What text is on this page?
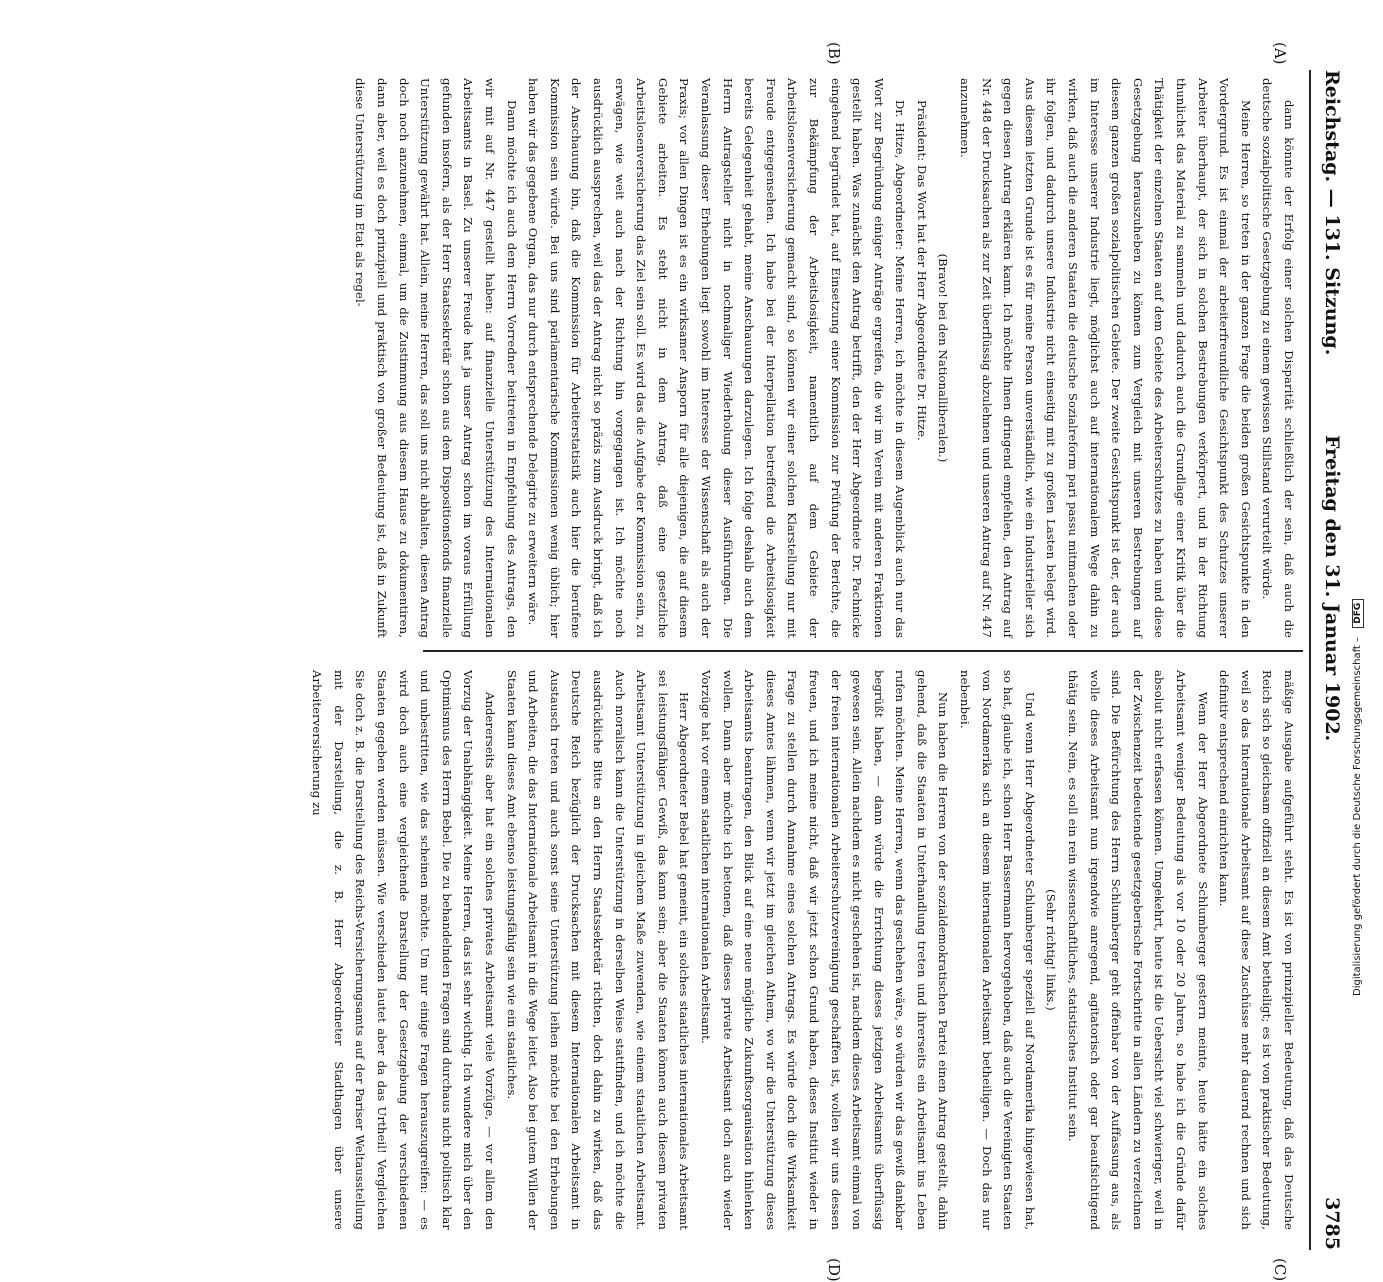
Reichstag. — 131. Sitzung.
Freitag den 31. Januar 1902.
3785
(A)
(B)
(C)
(D)

dann könnte der Erfolg einer solchen Disparität schließlich der sein, daß auch die deutsche sozialpolitische Gesetzgebung zu einem gewissen Stillstand verurteilt würde.

Meine Herren, so treten in der ganzen Frage die beiden großen Gesichtspunkte in den Vordergrund. Es ist einmal der arbeiterfreundliche Gesichtspunkt des Schutzes unserer Arbeiter überhaupt, der sich in solchen Bestrebungen verkörpert, und in der Richtung thunlichst das Material zu sammeln und dadurch auch die Grundlage einer Kritik über die Thätigkeit der einzelnen Staaten auf dem Gebiete des Arbeiterschutzes zu haben und diese Gesetzgebung herauszuheben zu können zum Vergleich mit unseren Bestrebungen auf diesem ganzen großen sozialpolitischen Gebiete. Der zweite Gesichtspunkt ist der, der auch im Interesse unserer Industrie liegt, möglichst auch auf internationalem Wege dahin zu wirken, daß auch die anderen Staaten die deutsche Sozialreform pari passu mitmachen oder ihr folgen, und dadurch unsere Industrie nicht einseitig mit zu großen Lasten belegt wird. Aus diesem letzten Grunde ist es für meine Person unverständlich, wie ein Industrieller sich gegen diesen Antrag erklären kann. Ich möchte Ihnen dringend empfehlen, den Antrag auf Nr. 448 der Drucksachen als zur Zeit überflüssig abzulehnen und unseren Antrag auf Nr. 447 anzunehmen.

(Bravo! bei den Nationalliberalen.)

Präsident: Das Wort hat der Herr Abgeordnete Dr. Hitze.

Dr. Hitze, Abgeordneter: Meine Herren, ich möchte in diesem Augenblick auch nur das Wort zur Begründung einiger Anträge ergreifen, die wir im Verein mit anderen Fraktionen gestellt haben. Was zunächst den Antrag betrifft, den der Herr Abgeordnete Dr. Pachnicke eingehend begründet hat, auf Einsetzung einer Kommission zur Prüfung der Berichte, die zur Bekämpfung der Arbeitslosigkeit, namentlich auf dem Gebiete der Arbeitslosenversicherung gemacht sind, so können wir einer solchen Klarstellung nur mit Freude entgegensehen. Ich habe bei der Interpellation betreffend die Arbeitslosigkeit bereits Gelegenheit gehabt, meine Anschauungen darzulegen. Ich folge deshalb auch dem Herrn Antragsteller nicht in nochmaliger Wiederholung dieser Ausführungen. Die Veranlassung dieser Erhebungen liegt sowohl im Interesse der Wissenschaft als auch der Praxis; vor allen Dingen ist es ein wirksamer Ansporn für alle diejenigen, die auf diesem Gebiete arbeiten. Es steht nicht in dem Antrag, daß eine gesetzliche Arbeitslosenversicherung das Ziel sein soll. Es wird das die Aufgabe der Kommission sein, zu erwägen, wie weit auch nach der Richtung hin vorgegangen ist. Ich möchte noch ausdrücklich aussprechen, weil das der Antrag nicht so präzis zum Ausdruck bringt, daß ich der Anschauung bin, daß die Kommission für Arbeiterstatistik auch hier die berufene Kommission sein würde. Bei uns sind parlamentarische Kommissionen wenig üblich; hier haben wir das gegebene Organ, das nur durch entsprechende Delegirte zu erweitern wäre.

Dann möchte ich auch dem Herrn Vorredner beitreten in Empfehlung des Antrags, den wir mit auf Nr. 447 gestellt haben: auf finanzielle Unterstützung des Internationalen Arbeitsamts in Basel. Zu unserer Freude hat ja unser Antrag schon im voraus Erfüllung gefunden insofern, als der Herr Staatssekretär schon aus dem Dispositionsfonds finanzielle Unterstützung gewährt hat. Allein, meine Herren, das soll uns nicht abhalten, diesen Antrag doch noch anzunehmen, einmal, um die Zustimmung aus diesem Hause zu dokumentiren, dann aber, weil es doch prinzipiell und praktisch von großer Bedeutung ist, daß in Zukunft diese Unterstützung im Etat als regel-

mäßige Ausgabe aufgeführt steht. Es ist von prinzipieller Bedeutung, daß das Deutsche Reich sich so gleichsam offiziell an diesem Amt betheiligt; es ist von praktischer Bedeutung, weil so das Internationale Arbeitsamt auf diese Zuschüsse mehr dauernd rechnen und sich definitiv entsprechend einrichten kann.

Wenn der Herr Abgeordnete Schlumberger gestern meinte, heute hätte ein solches Arbeitsamt weniger Bedeutung als vor 10 oder 20 Jahren, so habe ich die Gründe dafür absolut nicht erfassen können. Umgekehrt, heute ist die Uebersicht viel schwieriger, weil in der Zwischenzeit bedeutende gesetzgeberische Fortschritte in allen Ländern zu verzeichnen sind. Die Befürchtung des Herrn Schlumberger geht offenbar von der Auffassung aus, als wolle dieses Arbeitsamt nun irgendwie anregend, agitatorisch oder gar beaufsichtigend thätig sein. Nein, es soll ein rein wissenschaftliches, statistisches Institut sein.

(Sehr richtig! links.)

Und wenn Herr Abgeordneter Schlumberger speziell auf Nordamerika hingewiesen hat, so hat, glaube ich, schon Herr Bassermann hervorgehoben, daß auch die Vereinigten Staaten von Nordamerika sich an diesem internationalen Arbeitsamt betheiligen. — Doch das nur nebenbei.

Nun haben die Herren von der sozialdemokratischen Partei einen Antrag gestellt, dahin gehend, daß die Staaten in Unterhandlung treten und ihrerseits ein Arbeitsamt ins Leben rufen möchten. Meine Herren, wenn das geschehen wäre, so würden wir das gewiß dankbar begrüßt haben, — dann würde die Errichtung dieses jetzigen Arbeitsamts überflüssig gewesen sein. Allein nachdem es nicht geschehen ist, nachdem dieses Arbeitsamt einmal von der freien internationalen Arbeiterschutzvereinigung geschaffen ist, wollen wir uns dessen freuen, und ich meine nicht, daß wir jetzt schon Grund haben, dieses Institut wieder in Frage zu stellen durch Annahme eines solchen Antrags. Es würde doch die Wirksamkeit dieses Amtes lähmen, wenn wir jetzt im gleichen Athem, wo wir die Unterstützung dieses Arbeitsamts beantragen, den Blick auf eine neue mögliche Zukunftsorganisation hinlenken wollen. Dann aber möchte ich betonen, daß dieses private Arbeitsamt doch auch wieder Vorzüge hat vor einem staatlichen internationalen Arbeitsamt.

Herr Abgeordneter Bebel hat gemeint, ein solches staatliches internationales Arbeitsamt sei leistungsfähiger. Gewiß, das kann sein; aber die Staaten können auch diesem privaten Arbeitsamt Unterstützung in gleichem Maße zuwenden, wie einem staatlichen Arbeitsamt. Auch moralisch kann die Unterstützung in derselben Weise stattfinden, und ich möchte die ausdrückliche Bitte an den Herrn Staatssekretär richten, doch dahin zu wirken, daß das Deutsche Reich bezüglich der Drucksachen mit diesem Internationalen Arbeitsamt in Austausch treten und auch sonst seine Unterstützung leihen möchte bei den Erhebungen und Arbeiten, die das Internationale Arbeitsamt in die Wege leitet. Also bei gutem Willen der Staaten kann dieses Amt ebenso leistungsfähig sein wie ein staatliches.

Andererseits aber hat ein solches privates Arbeitsamt viele Vorzüge, — vor allem den Vorzug der Unabhängigkeit. Meine Herren, das ist sehr wichtig. Ich wundere mich über den Optimismus des Herrn Bebel. Die zu behandelnden Fragen sind durchaus nicht politisch klar und unbestritten, wie das scheinen möchte. Um nur einige Fragen herauszugreifen: — es wird doch auch eine vergleichende Darstellung der Gesetzgebung der verschiedenen Staaten gegeben werden müssen. Wie verschieden lautet aber da das Urtheil! Vergleichen Sie doch z. B. die Darstellung des Reichs-Versicherungsamts auf der Pariser Weltausstellung mit der Darstellung, die z. B. Herr Abgeordneter Stadthagen über unsere Arbeiterversicherung zu	Digitalisierung gefördert durch die Deutsche Forschungsgemeinschaft – DFG
